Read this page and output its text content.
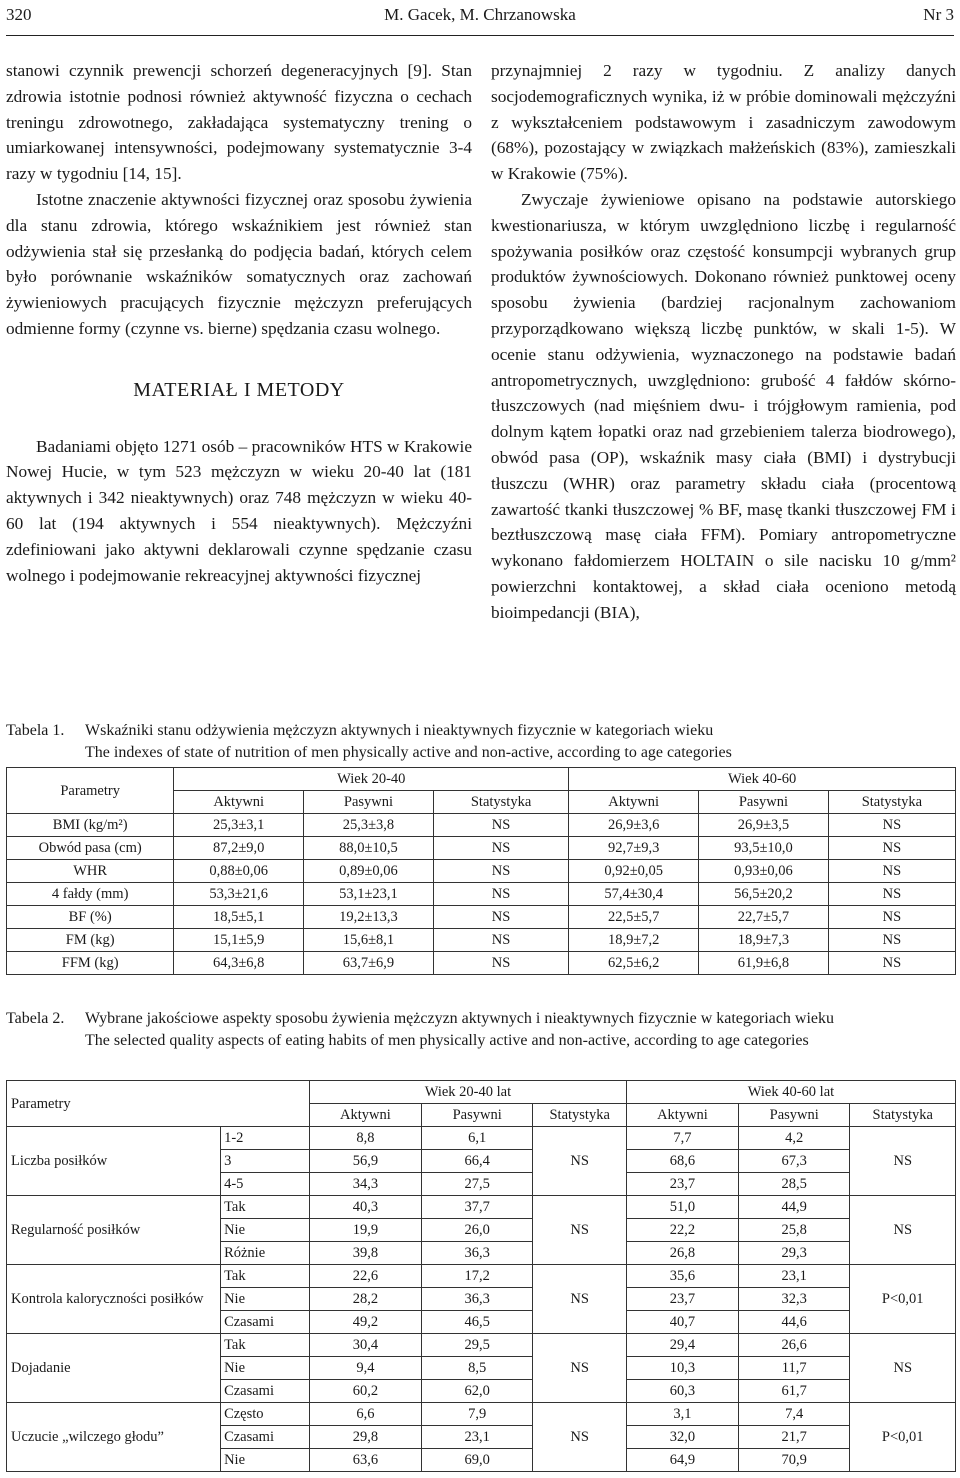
320	M. Gacek, M. Chrzanowska	Nr 3

stanowi czynnik prewencji schorzeń degeneracyjnych [9]. Stan zdrowia istotnie podnosi również aktywność fizyczna o cechach treningu zdrowotnego, zakładająca systematyczny trening o umiarkowanej intensywności, podejmowany systematycznie 3-4 razy w tygodniu [14, 15].

Istotne znaczenie aktywności fizycznej oraz sposobu żywienia dla stanu zdrowia, którego wskaźnikiem jest również stan odżywienia stał się przesłanką do podjęcia badań, których celem było porównanie wskaźników somatycznych oraz zachowań żywieniowych pracujących fizycznie mężczyzn preferujących odmienne formy (czynne vs. bierne) spędzania czasu wolnego.

MATERIAŁ I METODY

Badaniami objęto 1271 osób – pracowników HTS w Krakowie Nowej Hucie, w tym 523 mężczyzn w wieku 20-40 lat (181 aktywnych i 342 nieaktywnych) oraz 748 mężczyzn w wieku 40-60 lat (194 aktywnych i 554 nieaktywnych). Mężczyźni zdefiniowani jako aktywni deklarowali czynne spędzanie czasu wolnego i podejmowanie rekreacyjnej aktywności fizycznej

przynajmniej 2 razy w tygodniu. Z analizy danych socjodemograficznych wynika, iż w próbie dominowali mężczyźni z wykształceniem podstawowym i zasadniczym zawodowym (68%), pozostający w związkach małżeńskich (83%), zamieszkali w Krakowie (75%).

Zwyczaje żywieniowe opisano na podstawie autorskiego kwestionariusza, w którym uwzględniono liczbę i regularność spożywania posiłków oraz częstość konsumpcji wybranych grup produktów żywnościowych. Dokonano również punktowej oceny sposobu żywienia (bardziej racjonalnym zachowaniom przyporządkowano większą liczbę punktów, w skali 1-5). W ocenie stanu odżywienia, wyznaczonego na podstawie badań antropometrycznych, uwzględniono: grubość 4 fałdów skórno-tłuszczowych (nad mięśniem dwu- i trójgłowym ramienia, pod dolnym kątem łopatki oraz nad grzebieniem talerza biodrowego), obwód pasa (OP), wskaźnik masy ciała (BMI) i dystrybucji tłuszczu (WHR) oraz parametry składu ciała (procentową zawartość tkanki tłuszczowej % BF, masę tkanki tłuszczowej FM i beztłuszczową masę ciała FFM). Pomiary antropometryczne wykonano fałdomierzem HOLTAIN o sile nacisku 10 g/mm² powierzchni kontaktowej, a skład ciała oceniono metodą bioimpedancji (BIA),

Tabela 1. Wskaźniki stanu odżywienia mężczyzn aktywnych i nieaktywnych fizycznie w kategoriach wieku
The indexes of state of nutrition of men physically active and non-active, according to age categories
Parametry	Wiek 20-40			Wiek 40-60		
	Aktywni	Pasywni	Statystyka	Aktywni	Pasywni	Statystyka
BMI (kg/m²)	25,3±3,1	25,3±3,8	NS	26,9±3,6	26,9±3,5	NS
Obwód pasa (cm)	87,2±9,0	88,0±10,5	NS	92,7±9,3	93,5±10,0	NS
WHR	0,88±0,06	0,89±0,06	NS	0,92±0,05	0,93±0,06	NS
4 fałdy (mm)	53,3±21,6	53,1±23,1	NS	57,4±30,4	56,5±20,2	NS
BF (%)	18,5±5,1	19,2±13,3	NS	22,5±5,7	22,7±5,7	NS
FM (kg)	15,1±5,9	15,6±8,1	NS	18,9±7,2	18,9±7,3	NS
FFM (kg)	64,3±6,8	63,7±6,9	NS	62,5±6,2	61,9±6,8	NS
Tabela 2. Wybrane jakościowe aspekty sposobu żywienia mężczyzn aktywnych i nieaktywnych fizycznie w kategoriach wieku
The selected quality aspects of eating habits of men physically active and non-active, according to age categories
Parametry		Wiek 20-40 lat			Wiek 40-60 lat		
		Aktywni	Pasywni	Statystyka	Aktywni	Pasywni	Statystyka
Liczba posiłków	1-2	8,8	6,1	NS	7,7	4,2	NS
	3	56,9	66,4		68,6	67,3	
	4-5	34,3	27,5		23,7	28,5	
Regularność posiłków	Tak	40,3	37,7	NS	51,0	44,9	NS
	Nie	19,9	26,0		22,2	25,8	
	Różnie	39,8	36,3		26,8	29,3	
Kontrola kaloryczności posiłków	Tak	22,6	17,2	NS	35,6	23,1	P<0,01
	Nie	28,2	36,3		23,7	32,3	
	Czasami	49,2	46,5		40,7	44,6	
Dojadanie	Tak	30,4	29,5	NS	29,4	26,6	NS
	Nie	9,4	8,5		10,3	11,7	
	Czasami	60,2	62,0		60,3	61,7	
Uczucie „wilczego głodu”	Często	6,6	7,9	NS	3,1	7,4	P<0,01
	Czasami	29,8	23,1		32,0	21,7	
	Nie	63,6	69,0		64,9	70,9	
